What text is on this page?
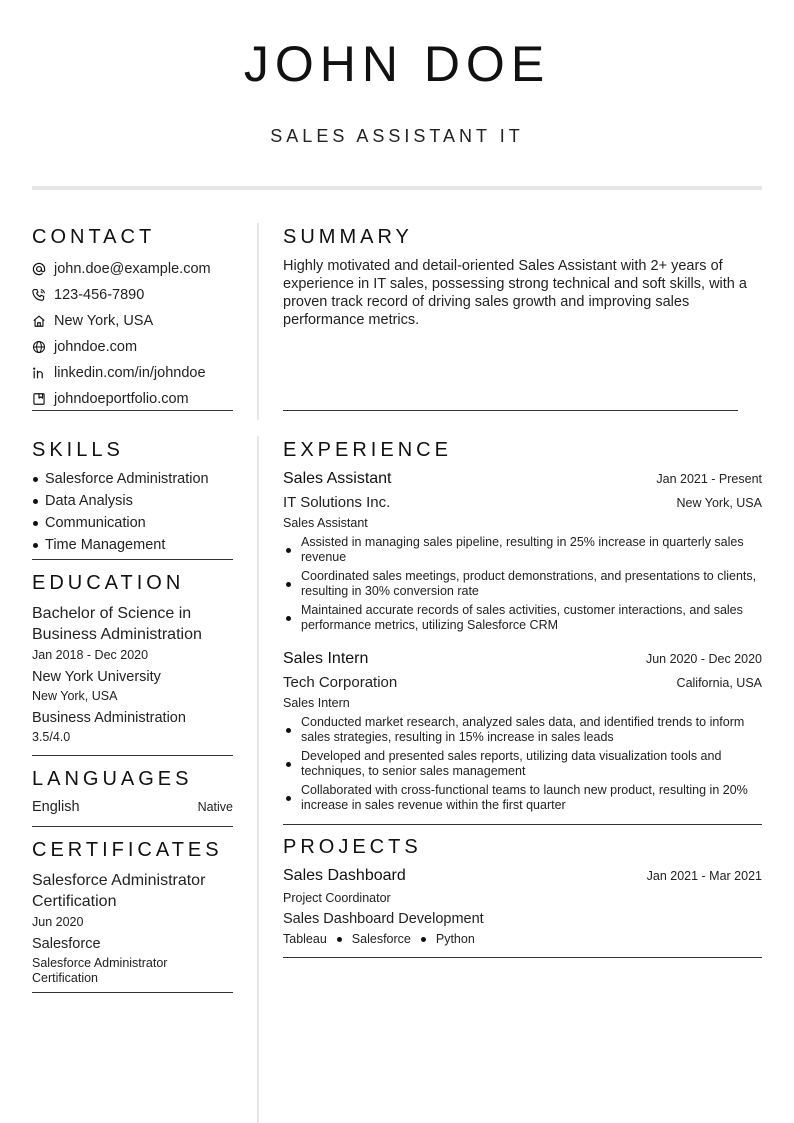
JOHN DOE
SALES ASSISTANT IT
CONTACT
john.doe@example.com
123-456-7890
New York, USA
johndoe.com
linkedin.com/in/johndoe
johndoeportfolio.com
SUMMARY

Highly motivated and detail-oriented Sales Assistant with 2+ years of experience in IT sales, possessing strong technical and soft skills, with a proven track record of driving sales growth and improving sales performance metrics.

SKILLS
Salesforce Administration
Data Analysis
Communication
Time Management
EDUCATION
Bachelor of Science in Business Administration
Jan 2018 - Dec 2020
New York University
New York, USA
Business Administration
3.5/4.0
LANGUAGES
English	Native
CERTIFICATES
Salesforce Administrator Certification
Jun 2020
Salesforce
Salesforce Administrator Certification
EXPERIENCE
Sales Assistant	Jan 2021 - Present
IT Solutions Inc.	New York, USA
Sales Assistant
Assisted in managing sales pipeline, resulting in 25% increase in quarterly sales revenue
Coordinated sales meetings, product demonstrations, and presentations to clients, resulting in 30% conversion rate
Maintained accurate records of sales activities, customer interactions, and sales performance metrics, utilizing Salesforce CRM
Sales Intern	Jun 2020 - Dec 2020
Tech Corporation	California, USA
Sales Intern
Conducted market research, analyzed sales data, and identified trends to inform sales strategies, resulting in 15% increase in sales leads
Developed and presented sales reports, utilizing data visualization tools and techniques, to senior sales management
Collaborated with cross-functional teams to launch new product, resulting in 20% increase in sales revenue within the first quarter
PROJECTS
Sales Dashboard	Jan 2021 - Mar 2021
Project Coordinator
Sales Dashboard Development
Tableau Salesforce Python
